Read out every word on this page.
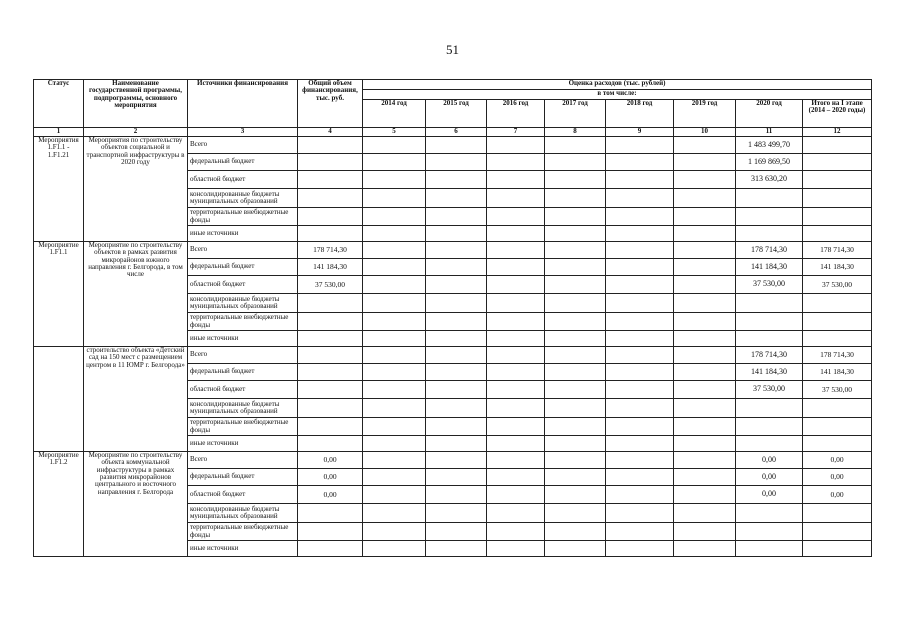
51
Статус	Наименование государственной программы, подпрограммы, основного мероприятия	Источники финансирования	Общий объем финансирования, тыс. руб.	Оценка расходов (тыс. рублей)							
				в том числе:							
				2014 год	2015 год	2016 год	2017 год	2018 год	2019 год	2020 год	Итого на I этапе (2014 – 2020 годы)
1	2	3	4	5	6	7	8	9	10	11	12
Мероприятия 1.F1.1 - 1.F1.21	Мероприятия по строительству объектов социальной и транспортной инфраструктуры в 2020 году	Всего								1 483 499,70	
		федеральный бюджет								1 169 869,50	
		областной бюджет								313 630,20	
		консолидированные бюджеты муниципальных образований									
		территориальные внебюджетные фонды									
		иные источники									
Мероприятие 1.F1.1	Мероприятие по строительству объектов в рамках развития микрорайонов южного направления г. Белгорода, в том числе	Всего	178 714,30							178 714,30	178 714,30
		федеральный бюджет	141 184,30							141 184,30	141 184,30
		областной бюджет	37 530,00							37 530,00	37 530,00
		консолидированные бюджеты муниципальных образований									
		территориальные внебюджетные фонды									
		иные источники									
	строительство объекта «Детский сад на 150 мест с размещением центром в 11 ЮМР г. Белгорода»	Всего								178 714,30	178 714,30
		федеральный бюджет								141 184,30	141 184,30
		областной бюджет								37 530,00	37 530,00
		консолидированные бюджеты муниципальных образований									
		территориальные внебюджетные фонды									
		иные источники									
Мероприятие 1.F1.2	Мероприятие по строительству объекта коммунальной инфраструктуры в рамках развития микрорайонов центрального и восточного направления г. Белгорода	Всего	0,00							0,00	0,00
		федеральный бюджет	0,00							0,00	0,00
		областной бюджет	0,00							0,00	0,00
		консолидированные бюджеты муниципальных образований									
		территориальные внебюджетные фонды									
		иные источники									
